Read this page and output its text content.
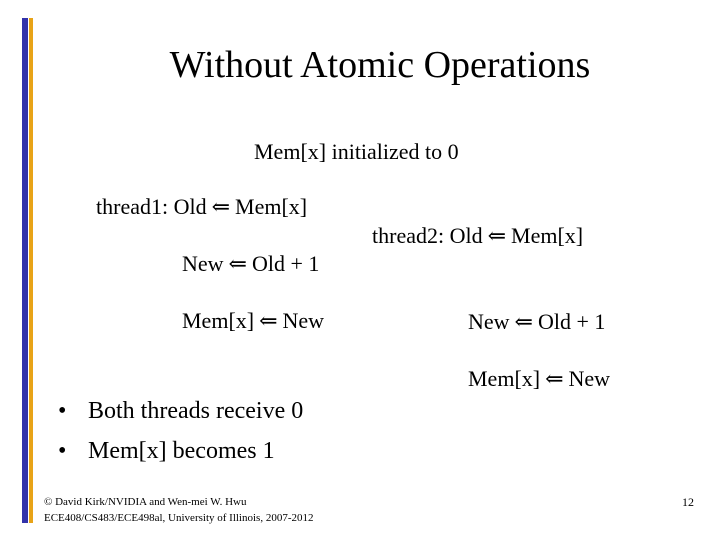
Without Atomic Operations
Mem[x] initialized to 0
thread1: Old ⇐ Mem[x]
New ⇐ Old + 1
Mem[x] ⇐ New
thread2: Old ⇐ Mem[x]
New ⇐ Old + 1
Mem[x] ⇐ New
• Both threads receive 0
• Mem[x] becomes 1
© David Kirk/NVIDIA and Wen-mei W. Hwu
ECE408/CS483/ECE498al, University of Illinois, 2007-2012
12
